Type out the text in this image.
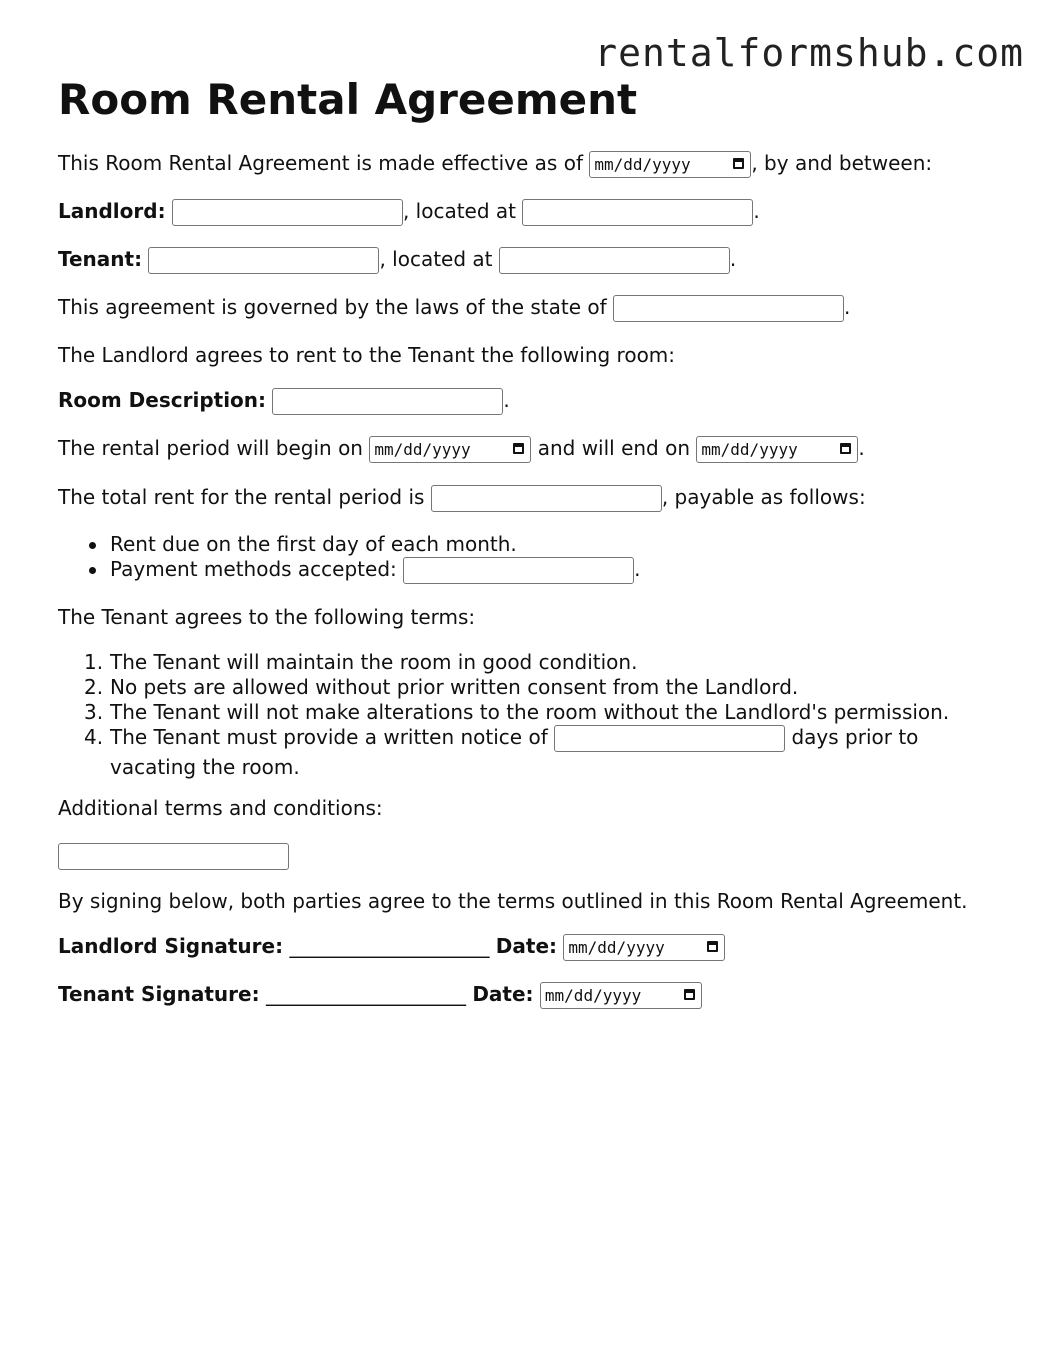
rentalformshub.com
Room Rental Agreement

This Room Rental Agreement is made effective as of mm/dd/yyyy	, by and between:

Landlord:	, located at	.

Tenant:	, located at	.

This agreement is governed by the laws of the state of	.

The Landlord agrees to rent to the Tenant the following room:

Room Description:	.

The rental period will begin on mm/dd/yyyy	and will end on mm/dd/yyyy	.

The total rent for the rental period is	, payable as follows:

Rent due on the first day of each month.
Payment methods accepted:	.

The Tenant agrees to the following terms:

1. The Tenant will maintain the room in good condition.
2. No pets are allowed without prior written consent from the Landlord.
3. The Tenant will not make alterations to the room without the Landlord's permission.
4. The Tenant must provide a written notice of	days prior to
vacating the room.

Additional terms and conditions:

By signing below, both parties agree to the terms outlined in this Room Rental Agreement.

Landlord Signature: ____________________ Date: mm/dd/yyyy

Tenant Signature: ____________________ Date: mm/dd/yyyy
